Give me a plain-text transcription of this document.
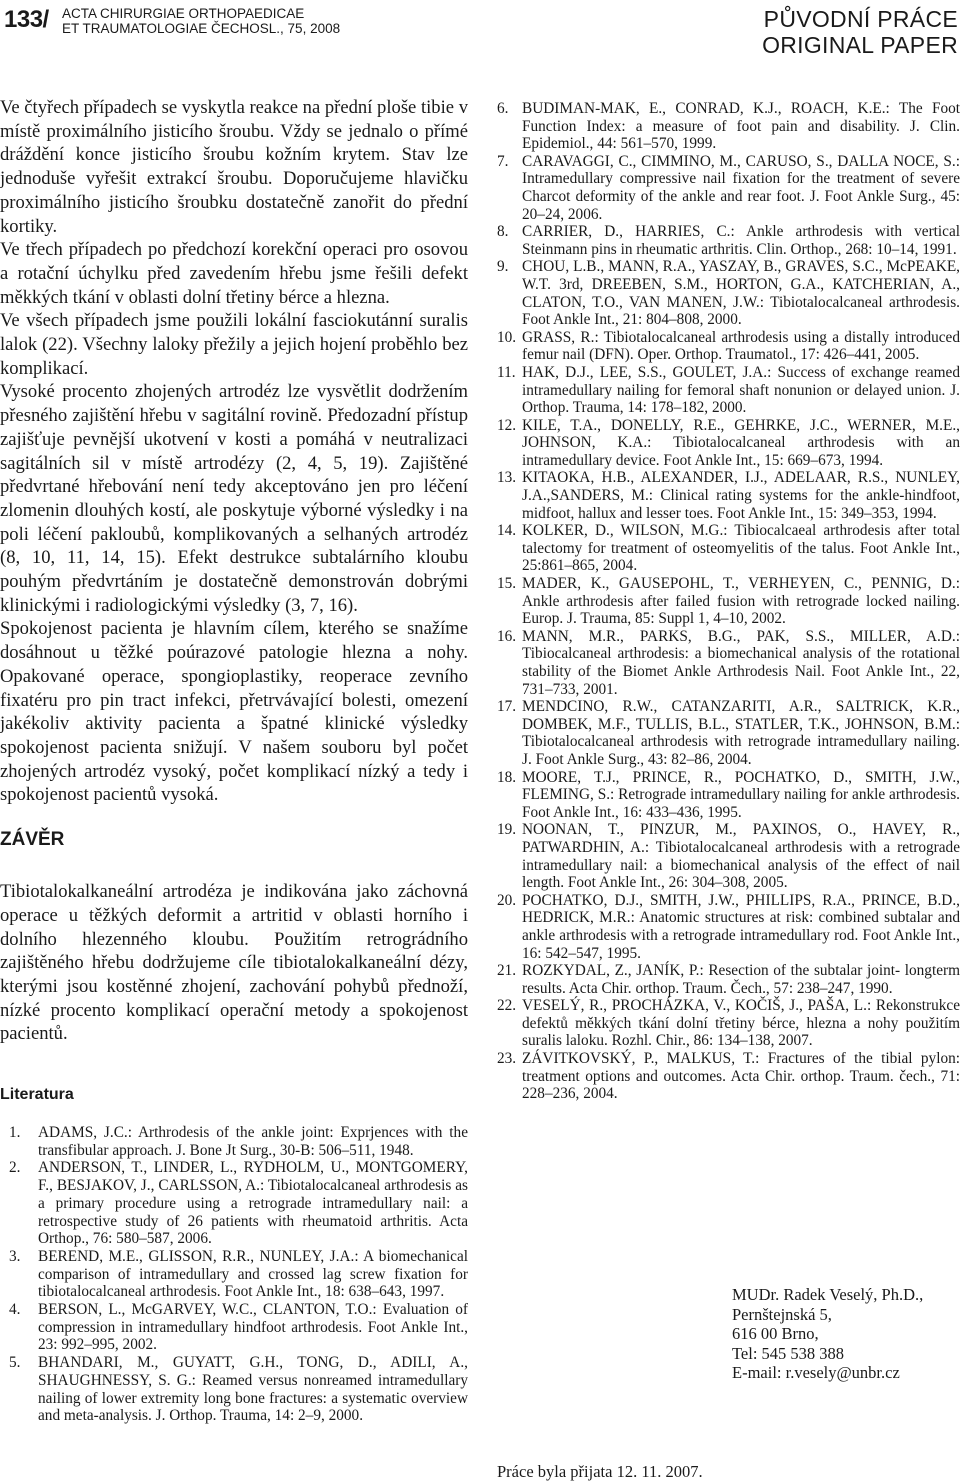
133/ ACTA CHIRURGIAE ORTHOPAEDICAE
ET TRAUMATOLOGIAE ČECHOSL., 75, 2008	PŮVODNÍ PRÁCE
ORIGINAL PAPER

Ve čtyřech případech se vyskytla reakce na přední ploše tibie v místě proximálního jisticího šroubu. Vždy se jednalo o přímé dráždění konce jisticího šroubu kožním krytem. Stav lze jednoduše vyřešit extrakcí šroubu. Doporučujeme hlavičku proximálního jisticího šroubku dostatečně zanořit do přední kortiky.

Ve třech případech po předchozí korekční operaci pro osovou a rotační úchylku před zavedením hřebu jsme řešili defekt měkkých tkání v oblasti dolní třetiny bérce a hlezna.

Ve všech případech jsme použili lokální fasciokutánní suralis lalok (22). Všechny laloky přežily a jejich hojení proběhlo bez komplikací.

Vysoké procento zhojených artrodéz lze vysvětlit dodržením přesného zajištění hřebu v sagitální rovině. Předozadní přístup zajišťuje pevnější ukotvení v kosti a pomáhá v neutralizaci sagitálních sil v místě artrodézy (2, 4, 5, 19). Zajištěné předvrtané hřebování není tedy akceptováno jen pro léčení zlomenin dlouhých kostí, ale poskytuje výborné výsledky i na poli léčení pakloubů, komplikovaných a selhaných artrodéz (8, 10, 11, 14, 15). Efekt destrukce subtalárního kloubu pouhým předvrtáním je dostatečně demonstrován dobrými klinickými i radiologickými výsledky (3, 7, 16).

Spokojenost pacienta je hlavním cílem, kterého se snažíme dosáhnout u těžké poúrazové patologie hlezna a nohy. Opakované operace, spongioplastiky, reoperace zevního fixatéru pro pin tract infekci, přetrvávající bolesti, omezení jakékoliv aktivity pacienta a špatné klinické výsledky spokojenost pacienta snižují. V našem souboru byl počet zhojených artrodéz vysoký, počet komplikací nízký a tedy i spokojenost pacientů vysoká.

ZÁVĚR

Tibiotalokalkaneální artrodéza je indikována jako záchovná operace u těžkých deformit a artritid v oblasti horního i dolního hlezenného kloubu. Použitím retrográdního zajištěného hřebu dodržujeme cíle tibiotalokalkaneální dézy, kterými jsou kostěnné zhojení, zachování pohybů přednoží, nízké procento komplikací operační metody a spokojenost pacientů.

Literatura
1. ADAMS, J.C.: Arthrodesis of the ankle joint: Exprjences with the transfibular approach. J. Bone Jt Surg., 30-B: 506–511, 1948.
2. ANDERSON, T., LINDER, L., RYDHOLM, U., MONTGOMERY, F., BESJAKOV, J., CARLSSON, A.: Tibiotalocalcaneal arthrodesis as a primary procedure using a retrograde intramedullary nail: a retrospective study of 26 patients with rheumatoid arthritis. Acta Orthop., 76: 580–587, 2006.
3. BEREND, M.E., GLISSON, R.R., NUNLEY, J.A.: A biomechanical comparison of intramedullary and crossed lag screw fixation for tibiotalocalcaneal arthrodesis. Foot Ankle Int., 18: 638–643, 1997.
4. BERSON, L., McGARVEY, W.C., CLANTON, T.O.: Evaluation of compression in intramedullary hindfoot arthrodesis. Foot Ankle Int., 23: 992–995, 2002.
5. BHANDARI, M., GUYATT, G.H., TONG, D., ADILI, A., SHAUGHNESSY, S. G.: Reamed versus nonreamed intramedullary nailing of lower extremity long bone fractures: a systematic overview and meta-analysis. J. Orthop. Trauma, 14: 2–9, 2000.
6. BUDIMAN-MAK, E., CONRAD, K.J., ROACH, K.E.: The Foot Function Index: a measure of foot pain and disability. J. Clin. Epidemiol., 44: 561–570, 1999.
7. CARAVAGGI, C., CIMMINO, M., CARUSO, S., DALLA NOCE, S.: Intramedullary compressive nail fixation for the treatment of severe Charcot deformity of the ankle and rear foot. J. Foot Ankle Surg., 45: 20–24, 2006.
8. CARRIER, D., HARRIES, C.: Ankle arthrodesis with vertical Steinmann pins in rheumatic arthritis. Clin. Orthop., 268: 10–14, 1991.
9. CHOU, L.B., MANN, R.A., YASZAY, B., GRAVES, S.C., McPEAKE, W.T. 3rd, DREEBEN, S.M., HORTON, G.A., KATCHERIAN, A., CLATON, T.O., VAN MANEN, J.W.: Tibiotalocalcaneal arthrodesis. Foot Ankle Int., 21: 804–808, 2000.
10. GRASS, R.: Tibiotalocalcaneal arthrodesis using a distally introduced femur nail (DFN). Oper. Orthop. Traumatol., 17: 426–441, 2005.
11. HAK, D.J., LEE, S.S., GOULET, J.A.: Success of exchange reamed intramedullary nailing for femoral shaft nonunion or delayed union. J. Orthop. Trauma, 14: 178–182, 2000.
12. KILE, T.A., DONELLY, R.E., GEHRKE, J.C., WERNER, M.E., JOHNSON, K.A.: Tibiotalocalcaneal arthrodesis with an intramedullary device. Foot Ankle Int., 15: 669–673, 1994.
13. KITAOKA, H.B., ALEXANDER, I.J., ADELAAR, R.S., NUNLEY, J.A.,SANDERS, M.: Clinical rating systems for the ankle-hindfoot, midfoot, hallux and lesser toes. Foot Ankle Int., 15: 349–353, 1994.
14. KOLKER, D., WILSON, M.G.: Tibiocalcaeal arthrodesis after total talectomy for treatment of osteomyelitis of the talus. Foot Ankle Int., 25:861–865, 2004.
15. MADER, K., GAUSEPOHL, T., VERHEYEN, C., PENNIG, D.: Ankle arthrodesis after failed fusion with retrograde locked nailing. Europ. J. Trauma, 85: Suppl 1, 4–10, 2002.
16. MANN, M.R., PARKS, B.G., PAK, S.S., MILLER, A.D.: Tibiocalcaneal arthrodesis: a biomechanical analysis of the rotational stability of the Biomet Ankle Arthrodesis Nail. Foot Ankle Int., 22, 731–733, 2001.
17. MENDCINO, R.W., CATANZARITI, A.R., SALTRICK, K.R., DOMBEK, M.F., TULLIS, B.L., STATLER, T.K., JOHNSON, B.M.: Tibiotalocalcaneal arthrodesis with retrograde intramedullary nailing. J. Foot Ankle Surg., 43: 82–86, 2004.
18. MOORE, T.J., PRINCE, R., POCHATKO, D., SMITH, J.W., FLEMING, S.: Retrograde intramedullary nailing for ankle arthrodesis. Foot Ankle Int., 16: 433–436, 1995.
19. NOONAN, T., PINZUR, M., PAXINOS, O., HAVEY, R., PATWARDHIN, A.: Tibiotalocalcaneal arthrodesis with a retrograde intramedullary nail: a biomechanical analysis of the effect of nail length. Foot Ankle Int., 26: 304–308, 2005.
20. POCHATKO, D.J., SMITH, J.W., PHILLIPS, R.A., PRINCE, B.D., HEDRICK, M.R.: Anatomic structures at risk: combined subtalar and ankle arthrodesis with a retrograde intramedullary rod. Foot Ankle Int., 16: 542–547, 1995.
21. ROZKYDAL, Z., JANÍK, P.: Resection of the subtalar joint- longterm results. Acta Chir. orthop. Traum. Čech., 57: 238–247, 1990.
22. VESELÝ, R., PROCHÁZKA, V., KOČIŠ, J., PAŠA, L.: Rekonstrukce defektů měkkých tkání dolní třetiny bérce, hlezna a nohy použitím suralis laloku. Rozhl. Chir., 86: 134–138, 2007.
23. ZÁVITKOVSKÝ, P., MALKUS, T.: Fractures of the tibial pylon: treatment options and outcomes. Acta Chir. orthop. Traum. čech., 71: 228–236, 2004.
MUDr. Radek Veselý, Ph.D.,
Pernštejnská 5,
616 00 Brno,
Tel: 545 538 388
E-mail: r.vesely@unbr.cz
Práce byla přijata 12. 11. 2007.
